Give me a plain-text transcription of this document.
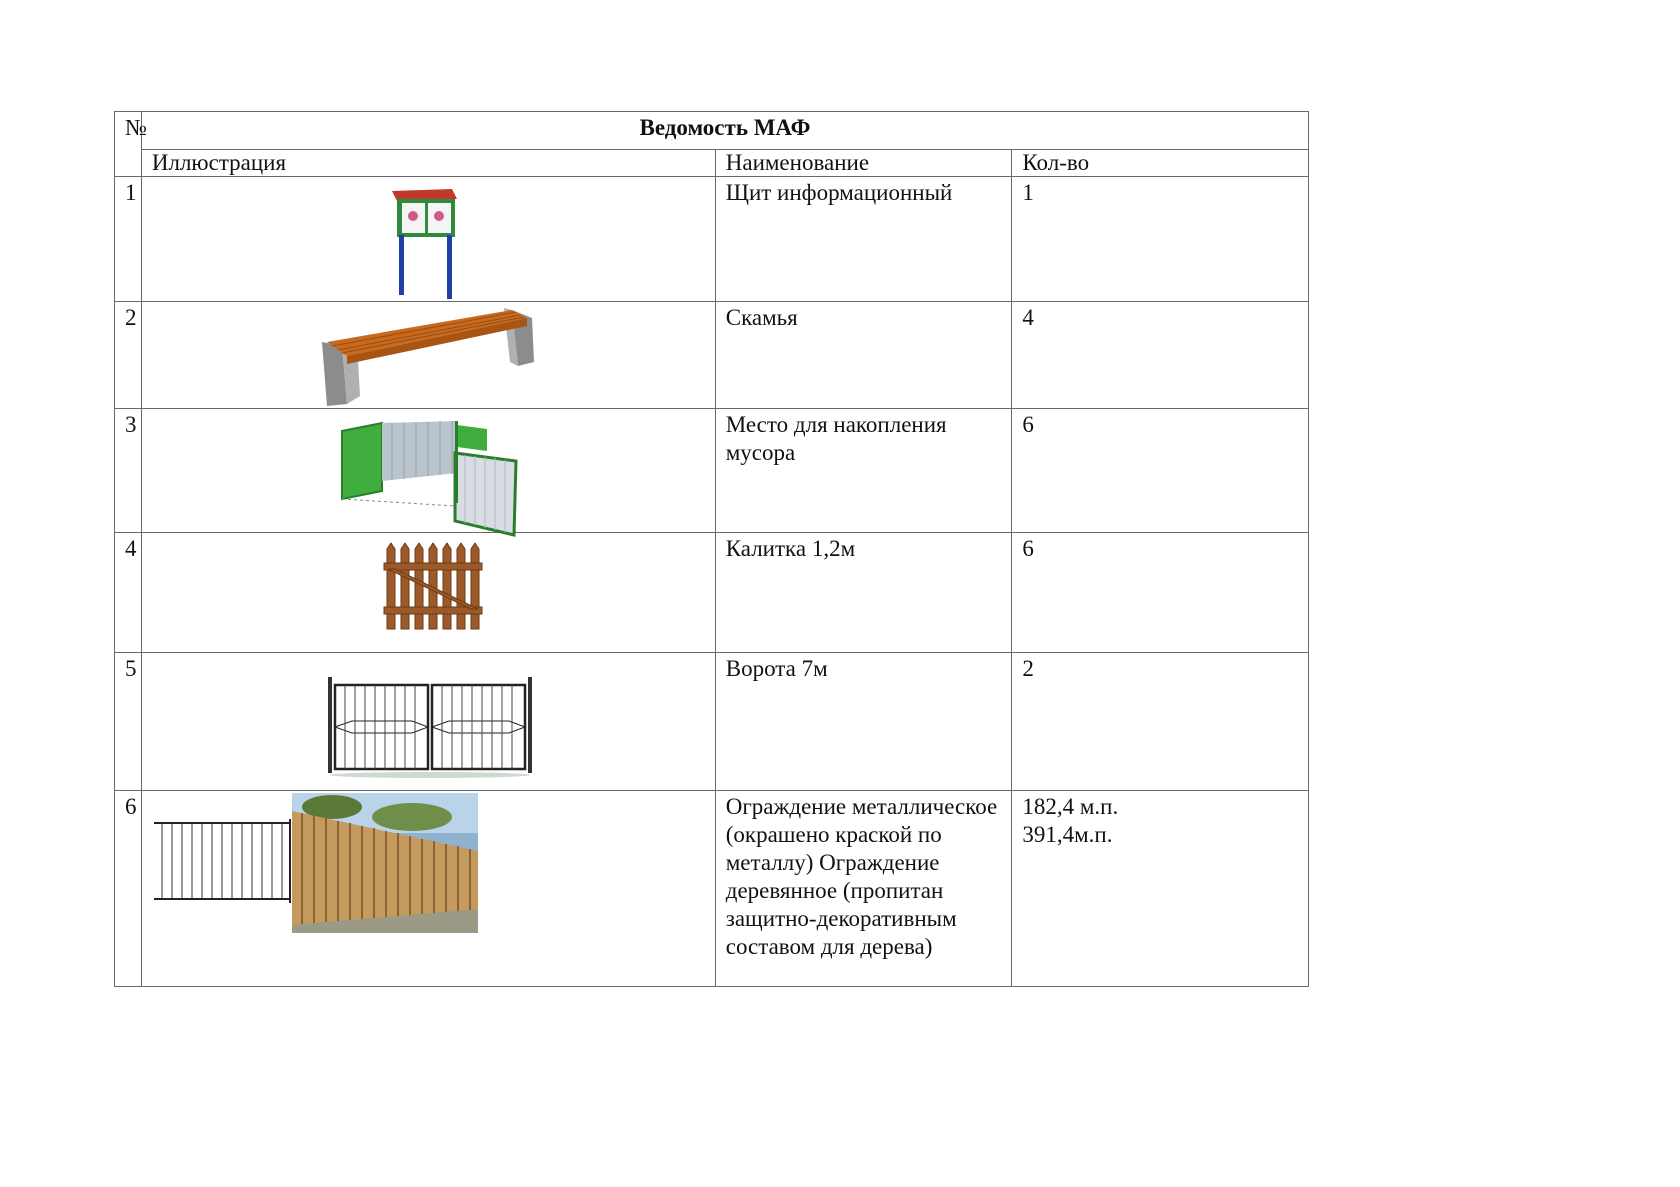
№	Ведомость МАФ		
	Иллюстрация	Наименование	Кол-во
1		Щит информационный	1

2		Скамья	4

3		Место для накопления мусора	6

4		Калитка 1,2м	6

5		Ворота 7м	2

6		Ограждение металлическое (окрашено краской по металлу) Ограждение деревянное (пропитан защитно-декоративным составом для дерева)	182,4 м.п.
391,4м.п.
